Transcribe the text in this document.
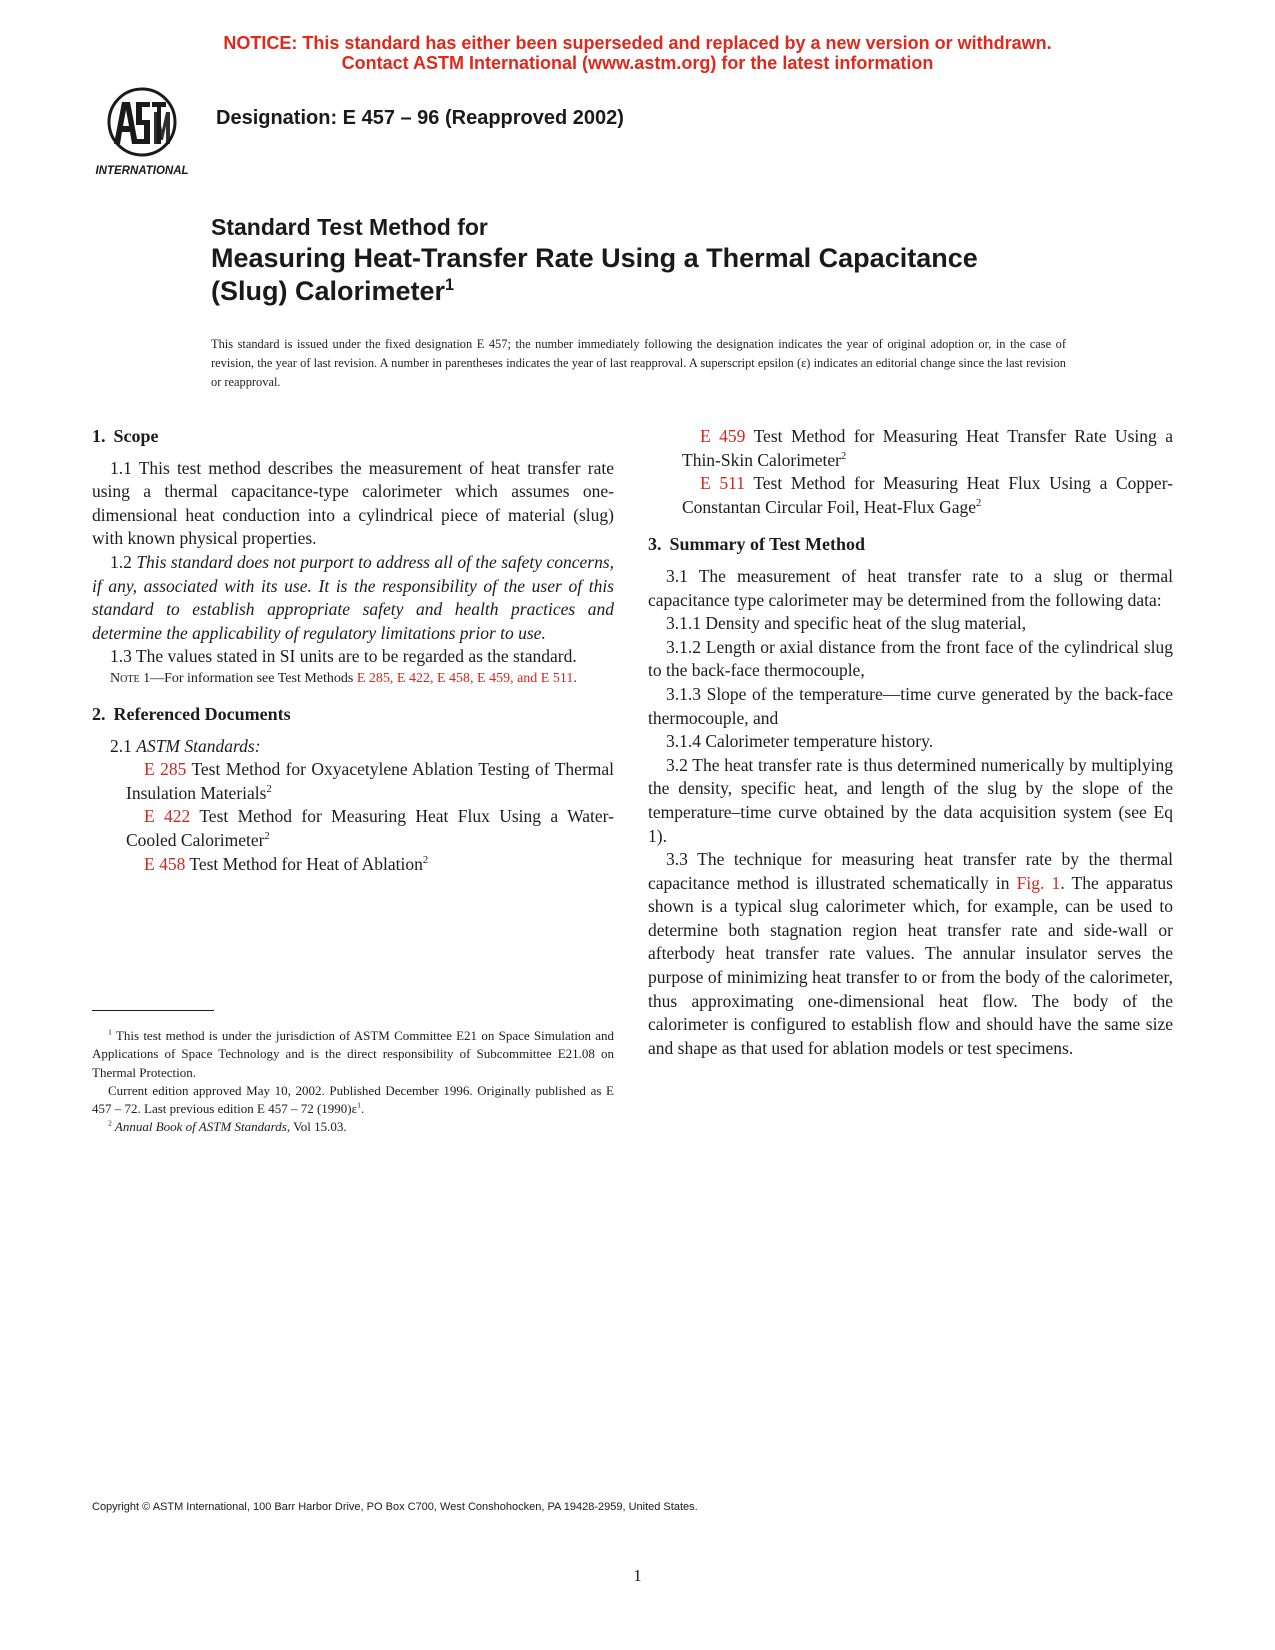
NOTICE: This standard has either been superseded and replaced by a new version or withdrawn.
Contact ASTM International (www.astm.org) for the latest information
INTERNATIONAL
Designation: E 457 – 96 (Reapproved 2002)
Standard Test Method for
Measuring Heat-Transfer Rate Using a Thermal Capacitance
(Slug) Calorimeter$^1$
This standard is issued under the fixed designation E 457; the number immediately following the designation indicates the year of original adoption or, in the case of revision, the year of last revision. A number in parentheses indicates the year of last reapproval. A superscript epsilon (ε) indicates an editorial change since the last revision or reapproval.
1. Scope

1.1 This test method describes the measurement of heat transfer rate using a thermal capacitance-type calorimeter which assumes one-dimensional heat conduction into a cylindrical piece of material (slug) with known physical properties.

1.2 This standard does not purport to address all of the safety concerns, if any, associated with its use. It is the responsibility of the user of this standard to establish appropriate safety and health practices and determine the applicability of regulatory limitations prior to use.

1.3 The values stated in SI units are to be regarded as the standard.

Note 1—For information see Test Methods E 285, E 422, E 458, E 459, and E 511.

2. Referenced Documents

2.1 ASTM Standards:

E 285 Test Method for Oxyacetylene Ablation Testing of Thermal Insulation Materials$^2$

E 422 Test Method for Measuring Heat Flux Using a Water-Cooled Calorimeter$^2$

E 458 Test Method for Heat of Ablation$^2$

$^1$ This test method is under the jurisdiction of ASTM Committee E21 on Space Simulation and Applications of Space Technology and is the direct responsibility of Subcommittee E21.08 on Thermal Protection.

Current edition approved May 10, 2002. Published December 1996. Originally published as E 457 – 72. Last previous edition E 457 – 72 $(1990)\varepsilon^1$.

$^2$ Annual Book of ASTM Standards, Vol 15.03.

E 459 Test Method for Measuring Heat Transfer Rate Using a Thin-Skin Calorimeter$^2$

E 511 Test Method for Measuring Heat Flux Using a Copper-Constantan Circular Foil, Heat-Flux Gage$^2$

3. Summary of Test Method

3.1 The measurement of heat transfer rate to a slug or thermal capacitance type calorimeter may be determined from the following data:

3.1.1 Density and specific heat of the slug material,

3.1.2 Length or axial distance from the front face of the cylindrical slug to the back-face thermocouple,

3.1.3 Slope of the temperature—time curve generated by the back-face thermocouple, and

3.1.4 Calorimeter temperature history.

3.2 The heat transfer rate is thus determined numerically by multiplying the density, specific heat, and length of the slug by the slope of the temperature–time curve obtained by the data acquisition system (see Eq 1).

3.3 The technique for measuring heat transfer rate by the thermal capacitance method is illustrated schematically in Fig. 1. The apparatus shown is a typical slug calorimeter which, for example, can be used to determine both stagnation region heat transfer rate and side-wall or afterbody heat transfer rate values. The annular insulator serves the purpose of minimizing heat transfer to or from the body of the calorimeter, thus approximating one-dimensional heat flow. The body of the calorimeter is configured to establish flow and should have the same size and shape as that used for ablation models or test specimens.

Copyright © ASTM International, 100 Barr Harbor Drive, PO Box C700, West Conshohocken, PA 19428-2959, United States.
1
